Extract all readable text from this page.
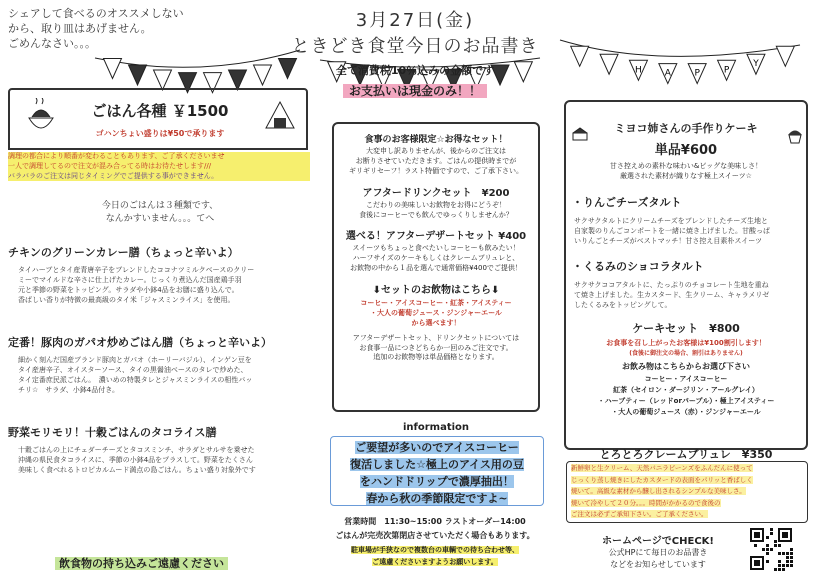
H	A	P	P
Y
シェアして食べるのオススメしない
から、取り皿はあげません。
ごめんなさい。。。
3月27日(金)
ときどき食堂今日のお品書き
全て消費税10％込みの金額です
お支払いは現金のみ！！
ごはん各種 ￥1500
ゴハンちょい盛りは¥50で承ります
調理の都合により順番が変わることもあります、ご了承くださいませ
一人で調理してるので注文が混み合ってる時はお待たせします///
バラバラのご注文は同じタイミングでご提供する事ができません。
今日のごはんは３種類です、
なんかすいません。。。てへ
チキンのグリーンカレー膳（ちょっと辛いよ）
タイハーブとタイ産青唐辛子をブレンドしたココナツミルクベースのクリー
ミーでマイルドな辛さに仕上げたカレー。じっくり煮込んだ国産鶏手羽
元と季節の野菜をトッピング。サラダや小鉢4品をお膳に盛り込んで。
香ばしい香りが特徴の最高級のタイ米「ジャスミンライス」を使用。
定番！豚肉のガパオ炒めごはん膳（ちょっと辛いよ）
細かく刻んだ国産ブランド豚肉とガパオ（ホーリーバジル）、インゲン豆を
タイ産唐辛子、オイスターソース、タイの黒醤油ベースのタレで炒めた、
タイ定番庶民派ごはん。　濃いめの特製タレとジャスミンライスの相性バッ
チリ☆　サラダ、小鉢4品付き。
野菜モリモリ！十穀ごはんのタコライス膳
十穀ごはんの上にチェダーチーズとタコスミンチ、サラダとサルサを乗せた
沖縄の県民食タコライスに、季節の小鉢4品をプラスして。野菜をたくさん
美味しく食べれるトロピカルムード満点の島ごはん。ちょい盛り対象外です
飲食物の持ち込みご遠慮ください
食事のお客様限定☆お得なセット！
大変申し訳ありませんが、後からのご注文は
お断りさせていただきます。ごはんの提供時までが
ギリギリセーフ！ラスト特価ですので、ご了承下さい。
アフタードリンクセット　¥200
こだわりの美味しいお飲物をお得にどうぞ！
食後にコーヒーでも飲んでゆっくりしませんか？
選べる！アフターデザートセット ¥400
スイーツもちょっと食べたいしコーヒーも飲みたい！
ハーフサイズのケーキもしくはクレームブリュレと、
お飲物の中から１品を選んで通常価格¥400でご提供！
⬇セットのお飲物はこちら⬇
コーヒー・アイスコーヒー・紅茶・アイスティー
・大人の葡萄ジュース・ジンジャーエール
から選べます！
アフターデザートセット、ドリンクセットについては
お食事一品につきどちらか一回のみご注文です。
追加のお飲物等は単品価格となります。
information
ご要望が多いのでアイスコーヒー
復活しました☆極上のアイス用の豆
をハンドドリップで濃厚抽出！
春から秋の季節限定ですよ~
営業時間　11:30~15:00 ラストオーダー14:00
ごはんが完売次第閉店させていただく場合もあります。
駐車場が手狭なので複数台の車輌での待ち合わせ等、
ご遠慮くださいますようお願いします。
ミヨコ姉さんの手作りケーキ
単品¥600
甘さ控えめの素朴な味わい&ビッグな美味しさ！
厳選された素材が織りなす極上スイーツ☆
・りんごチーズタルト
サクサクタルトにクリームチーズをブレンドしたチーズ生地と
自家製のりんごコンポートを一緒に焼き上げました。甘酸っぱ
いりんごとチーズがベストマッチ！甘さ控え目素朴スイーツ
・くるみのショコラタルト
サクサクココアタルトに、たっぷりのチョコレート生地を重ね
て焼き上げました。生カスタード、生クリーム、キャラメリゼ
したくるみをトッピングして。
ケーキセット　¥800
お食事を召し上がったお客様は¥100割引します！
(食後に御注文の場合、割引はありません)
お飲み物はこちらからお選び下さい
コーヒー・アイスコーヒー
紅茶（セイロン・ダージリン・アールグレイ）
・ハーブティー（レッドorパープル）・極上アイスティー
・大人の葡萄ジュース（赤）・ジンジャーエール
とろとろクレームブリュレ　¥350
新鮮卵と生クリーム、天然バニラビーンズをふんだんに使って
じっくり蒸し焼きにしたカスタードの表面をパリッと香ばしく
焼いて。高級な素材から醸し出されるシンプルな美味しさ。
焼いて冷やして２０分。。。時間がかかるので食後の
ご注文は必ずご承知下さい。ご了承ください。
ホームページでCHECK!
公式HPにて毎日のお品書き
などをお知らせしています
